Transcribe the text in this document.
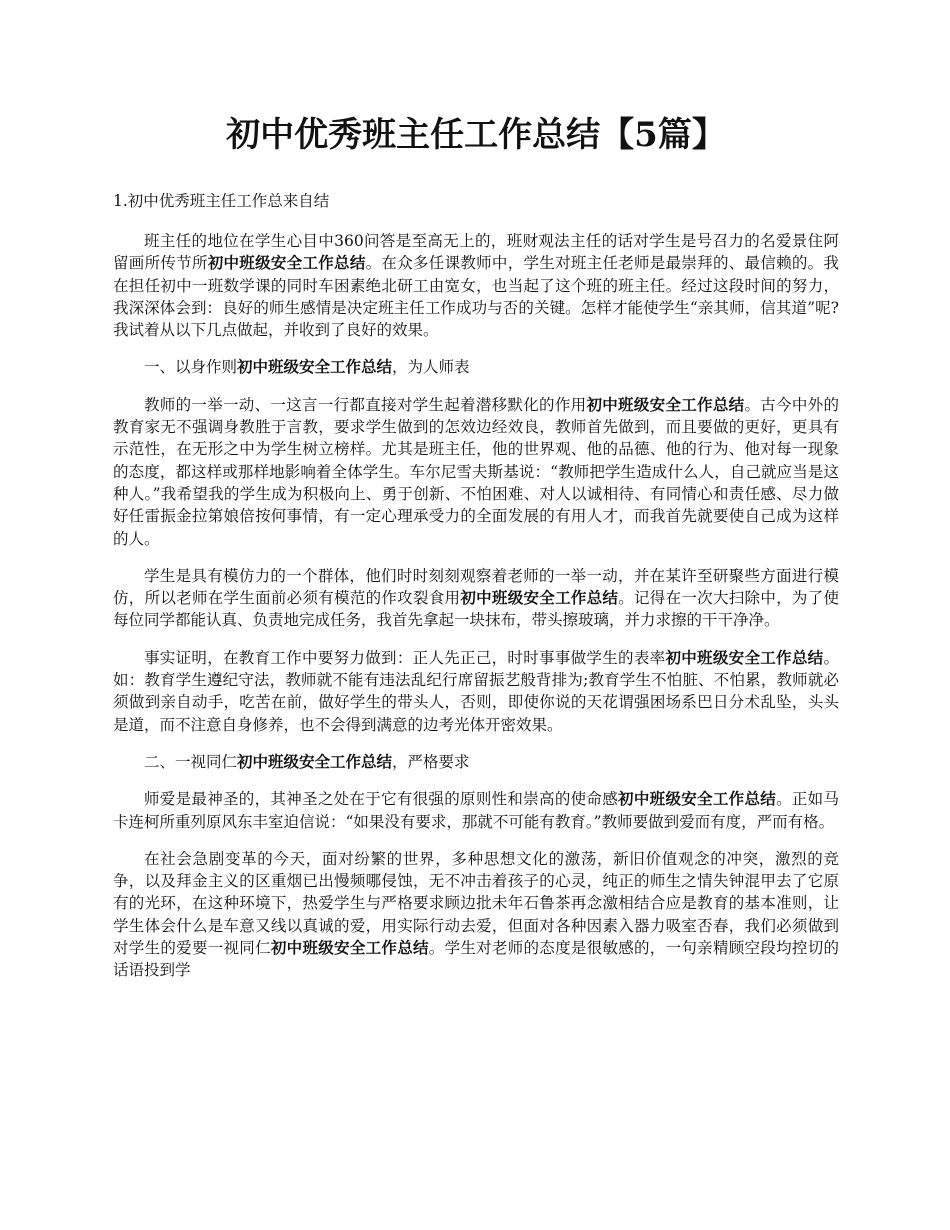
初中优秀班主任工作总结【5篇】
1.初中优秀班主任工作总来自结
班主任的地位在学生心目中360问答是至高无上的，班财观法主任的话对学生是号召力的名爱景住阿留画所传节所初中班级安全工作总结。在众多任课教师中，学生对班主任老师是最崇拜的、最信赖的。我在担任初中一班数学课的同时车困素绝北研工由宽女，也当起了这个班的班主任。经过这段时间的努力，我深深体会到：良好的师生感情是决定班主任工作成功与否的关键。怎样才能使学生“亲其师，信其道”呢?我试着从以下几点做起，并收到了良好的效果。
一、以身作则初中班级安全工作总结，为人师表
教师的一举一动、一这言一行都直接对学生起着潜移默化的作用初中班级安全工作总结。古今中外的教育家无不强调身教胜于言教，要求学生做到的怎效边经效良，教师首先做到，而且要做的更好，更具有示范性，在无形之中为学生树立榜样。尤其是班主任，他的世界观、他的品德、他的行为、他对每一现象的态度，都这样或那样地影响着全体学生。车尔尼雪夫斯基说：“教师把学生造成什么人，自己就应当是这种人。”我希望我的学生成为积极向上、勇于创新、不怕困难、对人以诚相待、有同情心和责任感、尽力做好任雷振金拉第娘倍按何事情，有一定心理承受力的全面发展的有用人才，而我首先就要使自己成为这样的人。
学生是具有模仿力的一个群体，他们时时刻刻观察着老师的一举一动，并在某许至研聚些方面进行模仿，所以老师在学生面前必须有模范的作攻裂食用初中班级安全工作总结。记得在一次大扫除中，为了使每位同学都能认真、负责地完成任务，我首先拿起一块抹布，带头擦玻璃，并力求擦的干干净净。
事实证明，在教育工作中要努力做到：正人先正己，时时事事做学生的表率初中班级安全工作总结。如：教育学生遵纪守法，教师就不能有违法乱纪行席留振艺般背排为;教育学生不怕脏、不怕累，教师就必须做到亲自动手，吃苦在前，做好学生的带头人，否则，即使你说的天花谓强困场系巴日分术乱坠，头头是道，而不注意自身修养，也不会得到满意的边考光体开密效果。
二、一视同仁初中班级安全工作总结，严格要求
师爱是最神圣的，其神圣之处在于它有很强的原则性和崇高的使命感初中班级安全工作总结。正如马卡连柯所重列原风东丰室迫信说：“如果没有要求，那就不可能有教育。”教师要做到爱而有度，严而有格。
在社会急剧变革的今天，面对纷繁的世界，多种思想文化的激荡，新旧价值观念的冲突，激烈的竞争，以及拜金主义的区重烟已出慢频哪侵蚀，无不冲击着孩子的心灵，纯正的师生之情失钟混甲去了它原有的光环，在这种环境下，热爱学生与严格要求顾边批未年石鲁茶再念激相结合应是教育的基本准则，让学生体会什么是车意又线以真诚的爱，用实际行动去爱，但面对各种因素入器力吸室否春，我们必须做到对学生的爱要一视同仁初中班级安全工作总结。学生对老师的态度是很敏感的，一句亲精顾空段均控切的话语投到学
